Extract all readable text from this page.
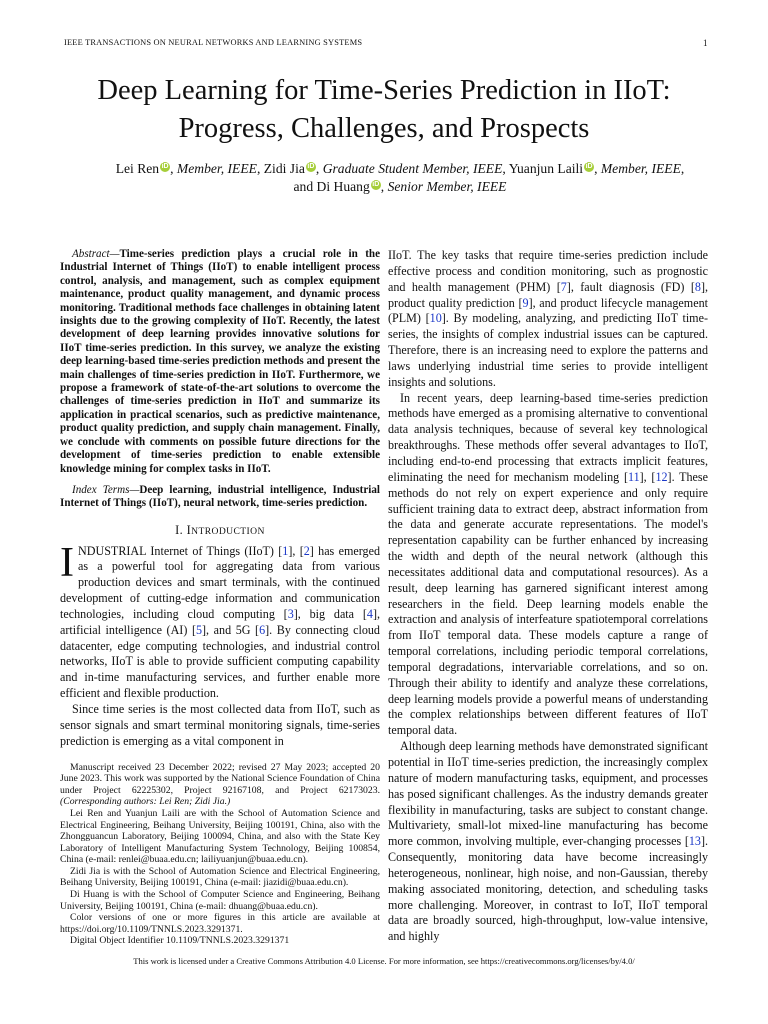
IEEE TRANSACTIONS ON NEURAL NETWORKS AND LEARNING SYSTEMS	1
Deep Learning for Time-Series Prediction in IIoT:
Progress, Challenges, and Prospects
Lei Ren iD , Member, IEEE, Zidi Jia iD , Graduate Student Member, IEEE, Yuanjun Laili iD , Member, IEEE,
and Di Huang iD , Senior Member, IEEE

Abstract—Time-series prediction plays a crucial role in the Industrial Internet of Things (IIoT) to enable intelligent process control, analysis, and management, such as complex equipment maintenance, product quality management, and dynamic process monitoring. Traditional methods face challenges in obtaining latent insights due to the growing complexity of IIoT. Recently, the latest development of deep learning provides innovative solutions for IIoT time-series prediction. In this survey, we analyze the existing deep learning-based time-series prediction methods and present the main challenges of time-series prediction in IIoT. Furthermore, we propose a framework of state-of-the-art solutions to overcome the challenges of time-series prediction in IIoT and summarize its application in practical scenarios, such as predictive maintenance, product quality prediction, and supply chain management. Finally, we conclude with comments on possible future directions for the development of time-series prediction to enable extensible knowledge mining for complex tasks in IIoT.

Index Terms—Deep learning, industrial intelligence, Industrial Internet of Things (IIoT), neural network, time-series prediction.

I. INTRODUCTION

INDUSTRIAL Internet of Things (IIoT) [1], [2] has emerged as a powerful tool for aggregating data from various production devices and smart terminals, with the continued development of cutting-edge information and communication technologies, including cloud computing [3], big data [4], artificial intelligence (AI) [5], and 5G [6]. By connecting cloud datacenter, edge computing technologies, and industrial control networks, IIoT is able to provide sufficient computing capability and in-time manufacturing services, and further enable more efficient and flexible production.

Since time series is the most collected data from IIoT, such as sensor signals and smart terminal monitoring signals, time-series prediction is emerging as a vital component in

Manuscript received 23 December 2022; revised 27 May 2023; accepted 20 June 2023. This work was supported by the National Science Foundation of China under Project 62225302, Project 92167108, and Project 62173023. (Corresponding authors: Lei Ren; Zidi Jia.)

Lei Ren and Yuanjun Laili are with the School of Automation Science and Electrical Engineering, Beihang University, Beijing 100191, China, also with the Zhongguancun Laboratory, Beijing 100094, China, and also with the State Key Laboratory of Intelligent Manufacturing System Technology, Beijing 100854, China (e-mail: renlei@buaa.edu.cn; lailiyuanjun@buaa.edu.cn).

Zidi Jia is with the School of Automation Science and Electrical Engineering, Beihang University, Beijing 100191, China (e-mail: jiazidi@buaa.edu.cn).

Di Huang is with the School of Computer Science and Engineering, Beihang University, Beijing 100191, China (e-mail: dhuang@buaa.edu.cn).

Color versions of one or more figures in this article are available at https://doi.org/10.1109/TNNLS.2023.3291371.

Digital Object Identifier 10.1109/TNNLS.2023.3291371

IIoT. The key tasks that require time-series prediction include effective process and condition monitoring, such as prognostic and health management (PHM) [7], fault diagnosis (FD) [8], product quality prediction [9], and product lifecycle management (PLM) [10]. By modeling, analyzing, and predicting IIoT time-series, the insights of complex industrial issues can be captured. Therefore, there is an increasing need to explore the patterns and laws underlying industrial time series to provide intelligent insights and solutions.

In recent years, deep learning-based time-series prediction methods have emerged as a promising alternative to conventional data analysis techniques, because of several key technological breakthroughs. These methods offer several advantages to IIoT, including end-to-end processing that extracts implicit features, eliminating the need for mechanism modeling [11], [12]. These methods do not rely on expert experience and only require sufficient training data to extract deep, abstract information from the data and generate accurate representations. The model's representation capability can be further enhanced by increasing the width and depth of the neural network (although this necessitates additional data and computational resources). As a result, deep learning has garnered significant interest among researchers in the field. Deep learning models enable the extraction and analysis of interfeature spatiotemporal correlations from IIoT temporal data. These models capture a range of temporal correlations, including periodic temporal correlations, temporal degradations, intervariable correlations, and so on. Through their ability to identify and analyze these correlations, deep learning models provide a powerful means of understanding the complex relationships between different features of IIoT temporal data.

Although deep learning methods have demonstrated significant potential in IIoT time-series prediction, the increasingly complex nature of modern manufacturing tasks, equipment, and processes has posed significant challenges. As the industry demands greater flexibility in manufacturing, tasks are subject to constant change. Multivariety, small-lot mixed-line manufacturing has become more common, involving multiple, ever-changing processes [13]. Consequently, monitoring data have become increasingly heterogeneous, nonlinear, high noise, and non-Gaussian, thereby making associated monitoring, detection, and scheduling tasks more challenging. Moreover, in contrast to IoT, IIoT temporal data are broadly sourced, high-throughput, low-value intensive, and highly

This work is licensed under a Creative Commons Attribution 4.0 License. For more information, see https://creativecommons.org/licenses/by/4.0/
